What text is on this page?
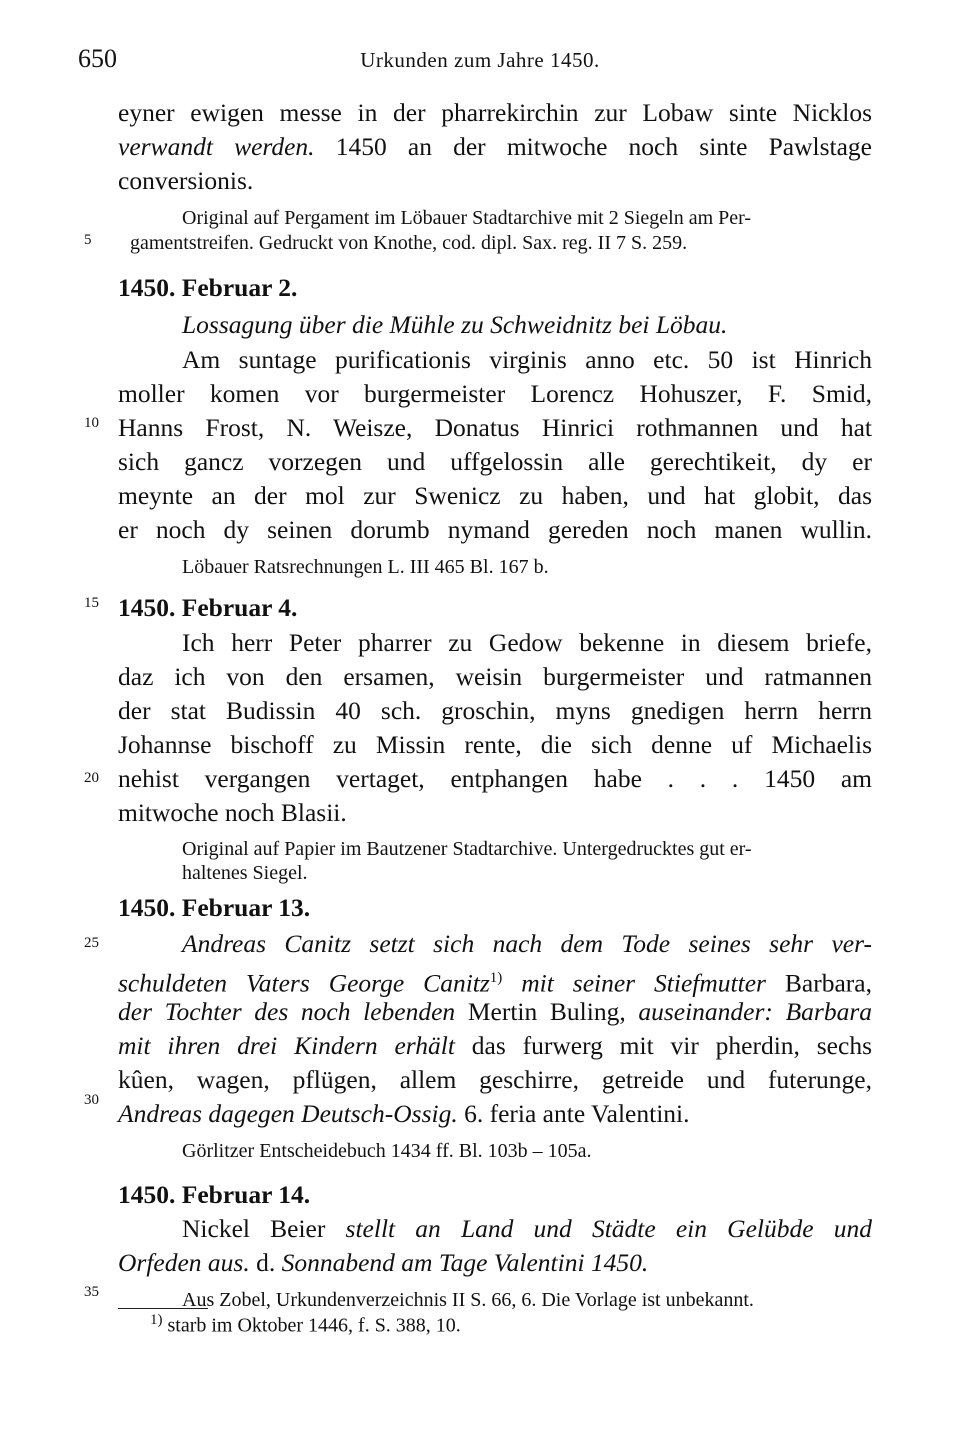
650	Urkunden zum Jahre 1450.
5
10
15
20
25
30
35
eyner ewigen messe in der pharrekirchin zur Lobaw sinte Nicklos
verwandt werden. 1450 an der mitwoche noch sinte Pawlstage
conversionis.
Original auf Pergament im Löbauer Stadtarchive mit 2 Siegeln am Per-
gamentstreifen. Gedruckt von Knothe, cod. dipl. Sax. reg. II 7 S. 259.
1450. Februar 2.
Lossagung über die Mühle zu Schweidnitz bei Löbau.
Am suntage purificationis virginis anno etc. 50 ist Hinrich
moller komen vor burgermeister Lorencz Hohuszer, F. Smid,
Hanns Frost, N. Weisze, Donatus Hinrici rothmannen und hat
sich gancz vorzegen und uffgelossin alle gerechtikeit, dy er
meynte an der mol zur Swenicz zu haben, und hat globit, das
er noch dy seinen dorumb nymand gereden noch manen wullin.
Löbauer Ratsrechnungen L. III 465 Bl. 167 b.
1450. Februar 4.
Ich herr Peter pharrer zu Gedow bekenne in diesem briefe,
daz ich von den ersamen, weisin burgermeister und ratmannen
der stat Budissin 40 sch. groschin, myns gnedigen herrn herrn
Johannse bischoff zu Missin rente, die sich denne uf Michaelis
nehist vergangen vertaget, entphangen habe . . . 1450 am
mitwoche noch Blasii.
Original auf Papier im Bautzener Stadtarchive. Untergedrucktes gut er-
haltenes Siegel.
1450. Februar 13.
Andreas Canitz setzt sich nach dem Tode seines sehr ver-
schuldeten Vaters George Canitz$^{1)}$ mit seiner Stiefmutter Barbara,
der Tochter des noch lebenden Mertin Buling, auseinander: Barbara
mit ihren drei Kindern erhält das furwerg mit vir pherdin, sechs
kûen, wagen, pflügen, allem geschirre, getreide und futerunge,
Andreas dagegen Deutsch-Ossig. 6. feria ante Valentini.
Görlitzer Entscheidebuch 1434 ff. Bl. 103b – 105a.
1450. Februar 14.
Nickel Beier stellt an Land und Städte ein Gelübde und
Orfeden aus. d. Sonnabend am Tage Valentini 1450.
Aus Zobel, Urkundenverzeichnis II S. 66, 6. Die Vorlage ist unbekannt.
$^{1)}$ starb im Oktober 1446, f. S. 388, 10.
